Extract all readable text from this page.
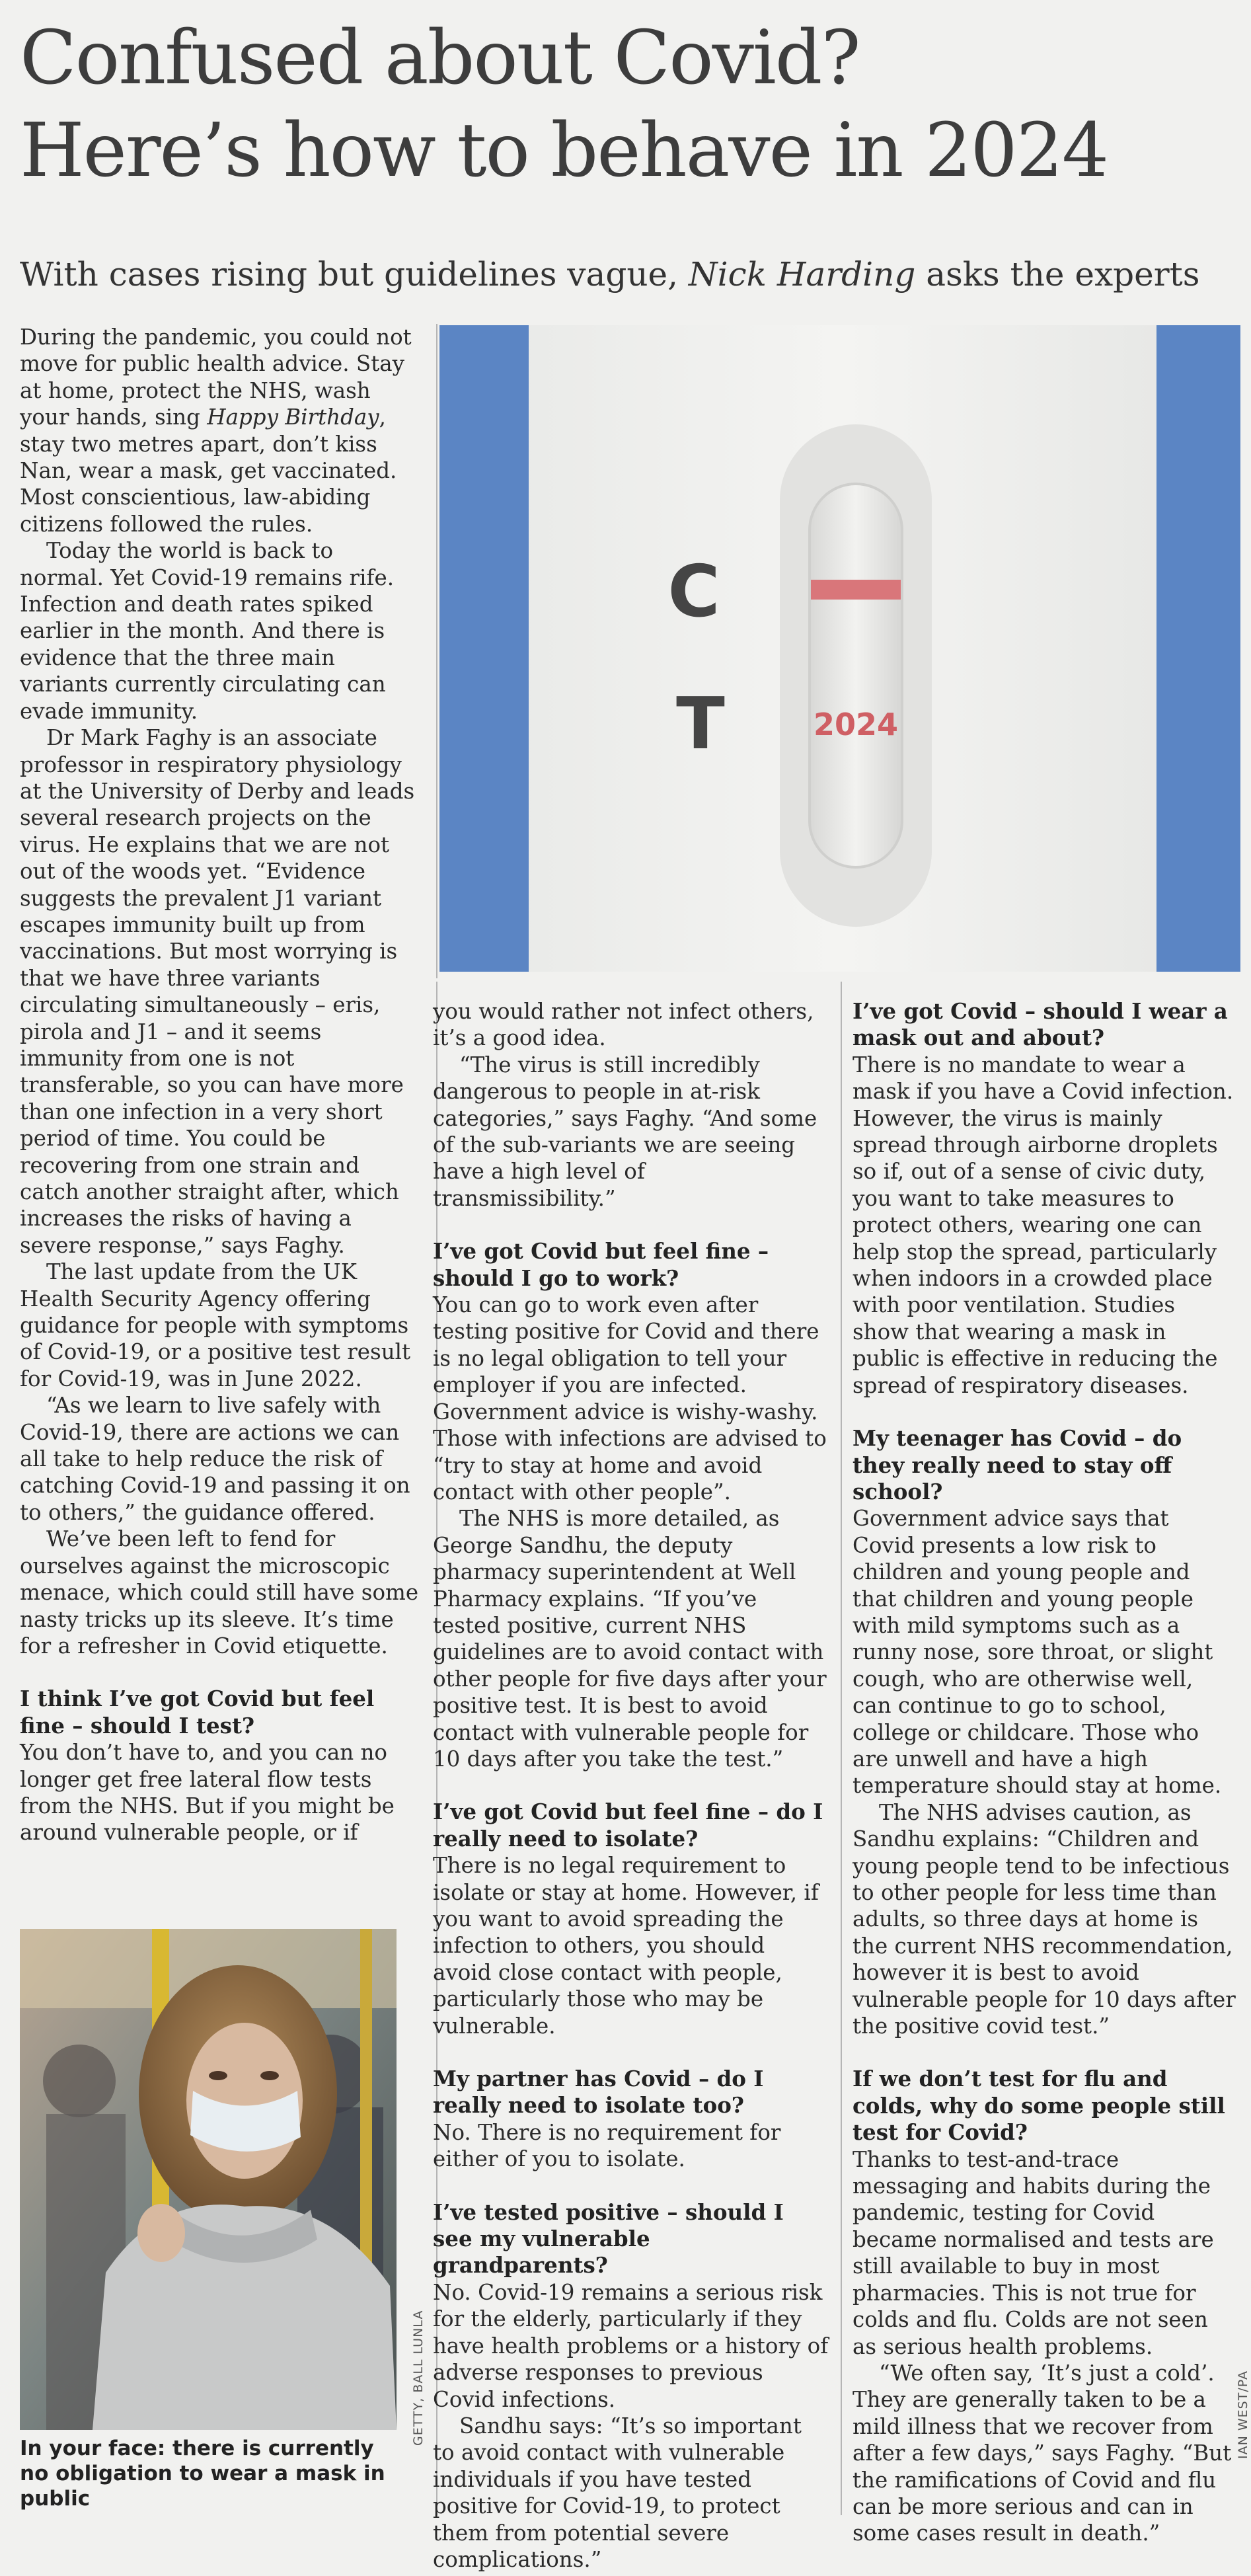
Confused about Covid?
Here’s how to behave in 2024

With cases rising but guidelines vague, Nick Harding asks the experts

C
T	2024

During the pandemic, you could not move for public health advice. Stay at home, protect the NHS, wash your hands, sing Happy Birthday, stay two metres apart, don’t kiss Nan, wear a mask, get vaccinated. Most conscientious, law-abiding citizens followed the rules.

Today the world is back to normal. Yet Covid-19 remains rife. Infection and death rates spiked earlier in the month. And there is evidence that the three main variants currently circulating can evade immunity.

Dr Mark Faghy is an associate professor in respiratory physiology at the University of Derby and leads several research projects on the virus. He explains that we are not out of the woods yet. “Evidence suggests the prevalent J1 variant escapes immunity built up from vaccinations. But most worrying is that we have three variants circulating simultaneously – eris, pirola and J1 – and it seems immunity from one is not transferable, so you can have more than one infection in a very short period of time. You could be recovering from one strain and catch another straight after, which increases the risks of having a severe response,” says Faghy.

The last update from the UK Health Security Agency offering guidance for people with symptoms of Covid-19, or a positive test result for Covid-19, was in June 2022.

“As we learn to live safely with Covid-19, there are actions we can all take to help reduce the risk of catching Covid-19 and passing it on to others,” the guidance offered.

We’ve been left to fend for ourselves against the microscopic menace, which could still have some nasty tricks up its sleeve. It’s time for a refresher in Covid etiquette.

I think I’ve got Covid but feel fine – should I test?

You don’t have to, and you can no longer get free lateral flow tests from the NHS. But if you might be around vulnerable people, or if

In your face: there is currently no obligation to wear a mask in public
GETTY, BALL LUNLA

you would rather not infect others, it’s a good idea.

“The virus is still incredibly dangerous to people in at-risk categories,” says Faghy. “And some of the sub-variants we are seeing have a high level of transmissibility.”

I’ve got Covid but feel fine – should I go to work?

You can go to work even after testing positive for Covid and there is no legal obligation to tell your employer if you are infected. Government advice is wishy-washy. Those with infections are advised to “try to stay at home and avoid contact with other people”.

The NHS is more detailed, as George Sandhu, the deputy pharmacy superintendent at Well Pharmacy explains. “If you’ve tested positive, current NHS guidelines are to avoid contact with other people for five days after your positive test. It is best to avoid contact with vulnerable people for 10 days after you take the test.”

I’ve got Covid but feel fine – do I really need to isolate?

There is no legal requirement to isolate or stay at home. However, if you want to avoid spreading the infection to others, you should avoid close contact with people, particularly those who may be vulnerable.

My partner has Covid – do I really need to isolate too?

No. There is no requirement for either of you to isolate.

I’ve tested positive – should I see my vulnerable grandparents?

No. Covid-19 remains a serious risk for the elderly, particularly if they have health problems or a history of adverse responses to previous Covid infections.

Sandhu says: “It’s so important to avoid contact with vulnerable individuals if you have tested positive for Covid-19, to protect them from potential severe complications.”

I’ve got Covid – should I wear a mask out and about?

There is no mandate to wear a mask if you have a Covid infection. However, the virus is mainly spread through airborne droplets so if, out of a sense of civic duty, you want to take measures to protect others, wearing one can help stop the spread, particularly when indoors in a crowded place with poor ventilation. Studies show that wearing a mask in public is effective in reducing the spread of respiratory diseases.

My teenager has Covid – do they really need to stay off school?

Government advice says that Covid presents a low risk to children and young people and that children and young people with mild symptoms such as a runny nose, sore throat, or slight cough, who are otherwise well, can continue to go to school, college or childcare. Those who are unwell and have a high temperature should stay at home.

The NHS advises caution, as Sandhu explains: “Children and young people tend to be infectious to other people for less time than adults, so three days at home is the current NHS recommendation, however it is best to avoid vulnerable people for 10 days after the positive covid test.”

If we don’t test for flu and colds, why do some people still test for Covid?

Thanks to test-and-trace messaging and habits during the pandemic, testing for Covid became normalised and tests are still available to buy in most pharmacies. This is not true for colds and flu. Colds are not seen as serious health problems.

“We often say, ‘It’s just a cold’. They are generally taken to be a mild illness that we recover from after a few days,” says Faghy. “But the ramifications of Covid and flu can be more serious and can in some cases result in death.”

IAN WEST/PA
